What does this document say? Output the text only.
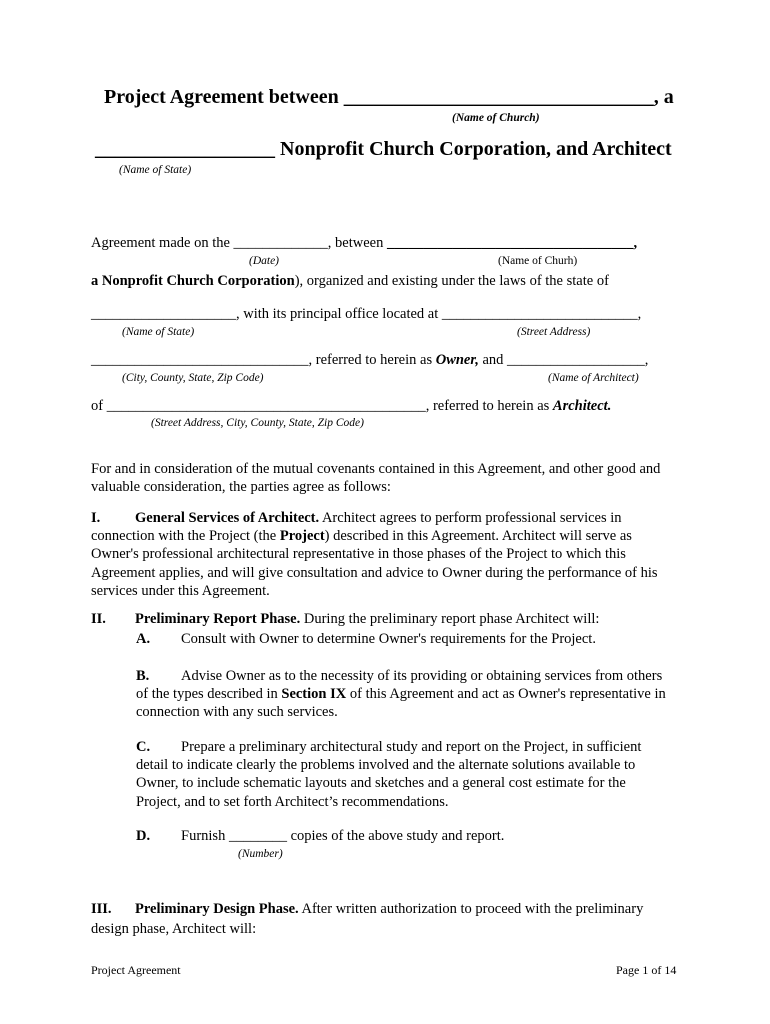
Project Agreement between _______________________________, a
(Name of Church)
__________________ Nonprofit Church Corporation, and Architect
(Name of State)
Agreement made on the _____________, between __________________________________,
(Date)	(Name of Churh)
a Nonprofit Church Corporation), organized and existing under the laws of the state of
____________________, with its principal office located at ___________________________,
(Name of State)	(Street Address)
______________________________, referred to herein as Owner, and ___________________,
(City, County, State, Zip Code)	(Name of Architect)
of ____________________________________________, referred to herein as Architect.
(Street Address, City, County, State, Zip Code)
For and in consideration of the mutual covenants contained in this Agreement, and other good and valuable consideration, the parties agree as follows:
I. General Services of Architect. Architect agrees to perform professional services in connection with the Project (the Project) described in this Agreement. Architect will serve as Owner's professional architectural representative in those phases of the Project to which this Agreement applies, and will give consultation and advice to Owner during the performance of his services under this Agreement.
II. Preliminary Report Phase. During the preliminary report phase Architect will:
A. Consult with Owner to determine Owner's requirements for the Project.
B. Advise Owner as to the necessity of its providing or obtaining services from others of the types described in Section IX of this Agreement and act as Owner's representative in connection with any such services.
C. Prepare a preliminary architectural study and report on the Project, in sufficient detail to indicate clearly the problems involved and the alternate solutions available to Owner, to include schematic layouts and sketches and a general cost estimate for the Project, and to set forth Architect’s recommendations.
D. Furnish ________ copies of the above study and report.
(Number)
III. Preliminary Design Phase. After written authorization to proceed with the preliminary design phase, Architect will:
Project Agreement	Page 1 of 14
